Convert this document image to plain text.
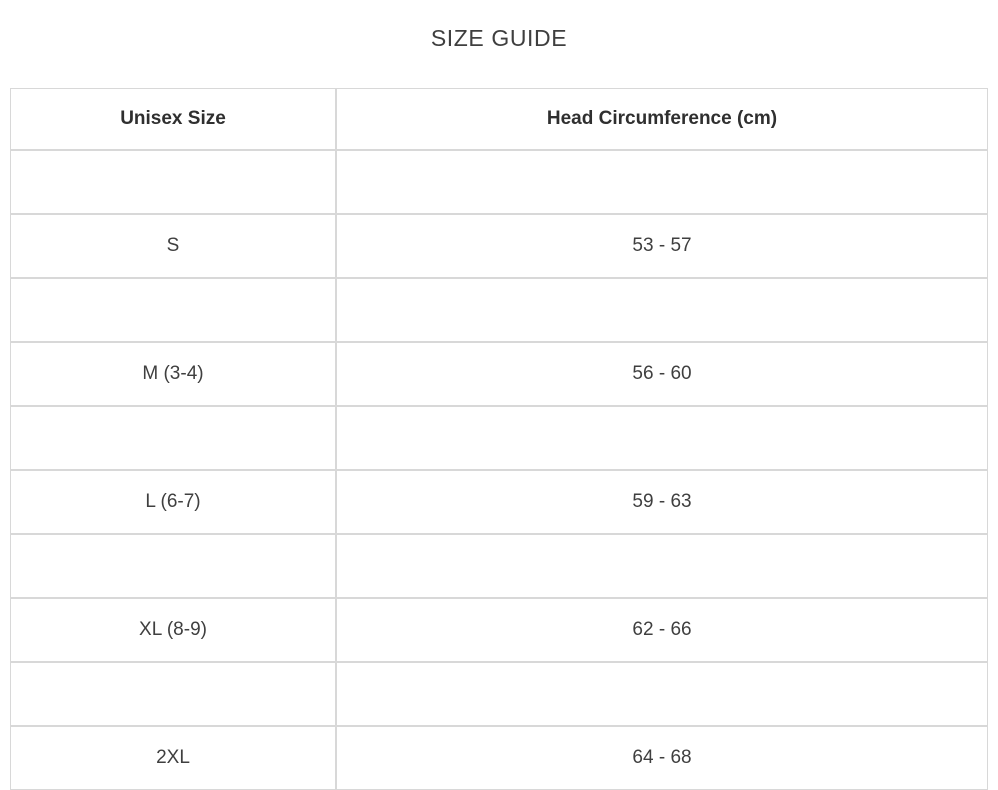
SIZE GUIDE
Unisex Size	Head Circumference (cm)

S	53 - 57

M (3-4)	56 - 60

L (6-7)	59 - 63

XL (8-9)	62 - 66

2XL	64 - 68
